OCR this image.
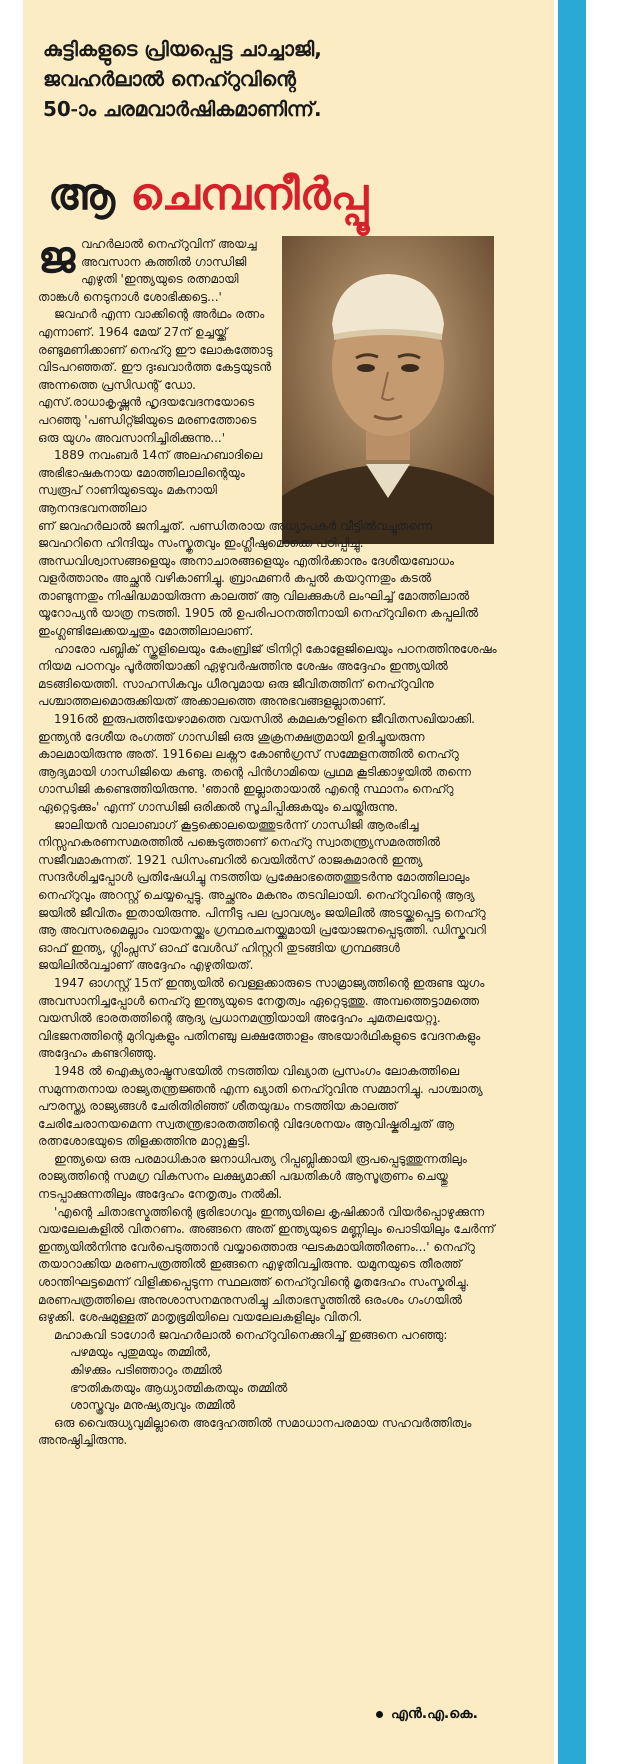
കുട്ടികളുടെ പ്രിയപ്പെട്ട ചാച്ചാജി,
ജവഹർലാൽ നെഹ്റുവിന്റെ
50-ാം ചരമവാർഷികമാണിന്ന്.
ആ ചെമ്പനീർപ്പൂ

ജവഹർലാൽ നെഹ്റുവിന് അയച്ച അവസാന കത്തിൽ ഗാന്ധിജി എഴുതി 'ഇന്ത്യയുടെ രത്നമായി താങ്കൾ നെടുനാൾ ശോഭിക്കട്ടെ...'

ജവഹർ എന്ന വാക്കിന്റെ അർഥം രത്നം എന്നാണ്. 1964 മേയ് 27ന് ഉച്ചയ്ക്ക് രണ്ടുമണിക്കാണ് നെഹ്റു ഈ ലോകത്തോടു വിടപറഞ്ഞത്. ഈ ദുഃഖവാർത്ത കേട്ടയുടൻ അന്നത്തെ പ്രസിഡന്റ് ഡോ. എസ്.രാധാകൃഷ്ണൻ ഹൃദയവേദനയോടെ പറഞ്ഞു 'പണ്ഡിറ്റ്ജിയുടെ മരണത്തോടെ ഒരു യുഗം അവസാനിച്ചിരിക്കുന്നു...'

1889 നവംബർ 14ന് അലഹബാദിലെ അഭിഭാഷകനായ മോത്തിലാലിന്റെയും സ്വരൂപ് റാണിയുടെയും മകനായി ആനന്ദഭവനത്തിലാ

ണ് ജവഹർലാൽ ജനിച്ചത്. പണ്ഡിതരായ അധ്യാപകർ വീട്ടിൽവച്ചുതന്നെ ജവഹറിനെ ഹിന്ദിയും സംസ്കൃതവും ഇംഗ്ലീഷുമൊക്കെ പഠിപ്പിച്ചു. അന്ധവിശ്വാസങ്ങളെയും അനാചാരങ്ങളെയും എതിർക്കാനും ദേശീയബോധം വളർത്താനും അച്ഛൻ വഴികാണിച്ചു. ബ്രാഹ്മണർ കപ്പൽ കയറുന്നതും കടൽ താണ്ടുന്നതും നിഷിദ്ധമായിരുന്ന കാലത്ത് ആ വിലക്കുകൾ ലംഘിച്ച് മോത്തിലാൽ യൂറോപ്യൻ യാത്ര നടത്തി. 1905 ൽ ഉപരിപഠനത്തിനായി നെഹ്റുവിനെ കപ്പലിൽ ഇംഗ്ലണ്ടിലേക്കയച്ചതും മോത്തിലാലാണ്.

ഹാരോ പബ്ലിക് സ്കൂളിലെയും കേംബ്രിജ് ട്രിനിറ്റി കോളേജിലെയും പഠനത്തിനുശേഷം നിയമ പഠനവും പൂർത്തിയാക്കി ഏഴുവർഷത്തിനു ശേഷം അദ്ദേഹം ഇന്ത്യയിൽ മടങ്ങിയെത്തി. സാഹസികവും ധീരവുമായ ഒരു ജീവിതത്തിന് നെഹ്റുവിനു പശ്ചാത്തലമൊരുക്കിയത് അക്കാലത്തെ അനുഭവങ്ങളല്ലാതാണ്.

1916ൽ ഇരുപത്തിയേഴാമത്തെ വയസിൽ കമലകൗളിനെ ജീവിതസഖിയാക്കി. ഇന്ത്യൻ ദേശീയ രംഗത്ത് ഗാന്ധിജി ഒരു ശുക്രനക്ഷത്രമായി ഉദിച്ചുയരുന്ന കാലമായിരുന്നു അത്. 1916ലെ ലക്നൗ കോൺഗ്രസ് സമ്മേളനത്തിൽ നെഹ്റു ആദ്യമായി ഗാന്ധിജിയെ കണ്ടു. തന്റെ പിൻഗാമിയെ പ്രഥമ കൂടിക്കാഴ്ചയിൽ തന്നെ ഗാന്ധിജി കണ്ടെത്തിയിരുന്നു. 'ഞാൻ ഇല്ലാതായാൽ എന്റെ സ്ഥാനം നെഹ്റു ഏറ്റെടുക്കും' എന്ന് ഗാന്ധിജി ഒരിക്കൽ സൂചിപ്പിക്കുകയും ചെയ്തിരുന്നു.

ജാലിയൻ വാലാബാഗ് കൂട്ടക്കൊലയെത്തുടർന്ന് ഗാന്ധിജി ആരംഭിച്ച നിസ്സഹകരണസമരത്തിൽ പങ്കെടുത്താണ് നെഹ്റു സ്വാതന്ത്ര്യസമരത്തിൽ സജീവമാകുന്നത്. 1921 ഡിസംബറിൽ വെയിൽസ് രാജകുമാരൻ ഇന്ത്യ സന്ദർശിച്ചപ്പോൾ പ്രതിഷേധിച്ചു നടത്തിയ പ്രക്ഷോഭത്തെത്തുടർന്നു മോത്തിലാലും നെഹ്റുവും അറസ്റ്റ് ചെയ്യപ്പെട്ടു. അച്ഛനും മകനും തടവിലായി. നെഹ്റുവിന്റെ ആദ്യ ജയിൽ ജീവിതം ഇതായിരുന്നു. പിന്നീടു പല പ്രാവശ്യം ജയിലിൽ അടയ്ക്കപ്പെട്ട നെഹ്റു ആ അവസരമെല്ലാം വായനയ്ക്കും ഗ്രന്ഥരചനയ്ക്കുമായി പ്രയോജനപ്പെടുത്തി. ഡിസ്കവറി ഓഫ് ഇന്ത്യ, ഗ്ലിംപ്സസ് ഓഫ് വേൾഡ് ഹിസ്റ്ററി തുടങ്ങിയ ഗ്രന്ഥങ്ങൾ ജയിലിൽവച്ചാണ് അദ്ദേഹം എഴുതിയത്.

1947 ഓഗസ്റ്റ് 15ന് ഇന്ത്യയിൽ വെള്ളക്കാരുടെ സാമ്രാജ്യത്തിന്റെ ഇരുണ്ട യുഗം അവസാനിച്ചപ്പോൾ നെഹ്റു ഇന്ത്യയുടെ നേതൃത്വം ഏറ്റെടുത്തു. അമ്പത്തെട്ടാമത്തെ വയസിൽ ഭാരതത്തിന്റെ ആദ്യ പ്രധാനമന്ത്രിയായി അദ്ദേഹം ചുമതലയേറ്റു. വിഭജനത്തിന്റെ മുറിവുകളും പതിനഞ്ചു ലക്ഷത്തോളം അഭയാർഥികളുടെ വേദനകളും അദ്ദേഹം കണ്ടറിഞ്ഞു.

1948 ൽ ഐക്യരാഷ്ട്രസഭയിൽ നടത്തിയ വിഖ്യാത പ്രസംഗം ലോകത്തിലെ സമുന്നതനായ രാജ്യതന്ത്രജ്ഞൻ എന്ന ഖ്യാതി നെഹ്റുവിനു സമ്മാനിച്ചു. പാശ്ചാത്യ പൗരസ്ത്യ രാജ്യങ്ങൾ ചേരിതിരിഞ്ഞ് ശീതയുദ്ധം നടത്തിയ കാലത്ത് ചേരിചേരാനയമെന്ന സ്വതന്ത്രഭാരതത്തിന്റെ വിദേശനയം ആവിഷ്കരിച്ചത് ആ രത്നശോഭയുടെ തിളക്കത്തിനു മാറ്റുകൂട്ടി.

ഇന്ത്യയെ ഒരു പരമാധികാര ജനാധിപത്യ റിപ്പബ്ലിക്കായി രൂപപ്പെടുത്തുന്നതിലും രാജ്യത്തിന്റെ സമഗ്ര വികസനം ലക്ഷ്യമാക്കി പദ്ധതികൾ ആസൂത്രണം ചെയ്തു നടപ്പാക്കുന്നതിലും അദ്ദേഹം നേതൃത്വം നൽകി.

'എന്റെ ചിതാഭസ്മത്തിന്റെ ഭൂരിഭാഗവും ഇന്ത്യയിലെ കൃഷിക്കാർ വിയർപ്പൊഴുക്കുന്ന വയലേലകളിൽ വിതറണം. അങ്ങനെ അത് ഇന്ത്യയുടെ മണ്ണിലും പൊടിയിലും ചേർന്ന് ഇന്ത്യയിൽനിന്നു വേർപെടുത്താൻ വയ്യാത്തൊരു ഘടകമായിത്തീരണം...' നെഹ്റു തയാറാക്കിയ മരണപത്രത്തിൽ ഇങ്ങനെ എഴുതിവച്ചിരുന്നു. യമുനയുടെ തീരത്ത് ശാന്തിഘട്ടമെന്ന് വിളിക്കപ്പെടുന്ന സ്ഥലത്ത് നെഹ്റുവിന്റെ മൃതദേഹം സംസ്കരിച്ചു. മരണപത്രത്തിലെ അനുശാസനമനുസരിച്ചു ചിതാഭസ്മത്തിൽ ഒരംശം ഗംഗയിൽ ഒഴുക്കി. ശേഷമുള്ളത് മാതൃഭൂമിയിലെ വയലേലകളിലും വിതറി.

മഹാകവി ടാഗോർ ജവഹർലാൽ നെഹ്റുവിനെക്കുറിച്ച് ഇങ്ങനെ പറഞ്ഞു:

പഴമയും പുതുമയും തമ്മിൽ,

കിഴക്കും പടിഞ്ഞാറും തമ്മിൽ

ഭൗതികതയും ആധ്യാത്മികതയും തമ്മിൽ

ശാസ്ത്രവും മനുഷ്യത്വവും തമ്മിൽ

ഒരു വൈരുധ്യവുമില്ലാതെ അദ്ദേഹത്തിൽ സമാധാനപരമായ സഹവർത്തിത്വം അനുഷ്ഠിച്ചിരുന്നു.

എൻ.എ.കെ.
